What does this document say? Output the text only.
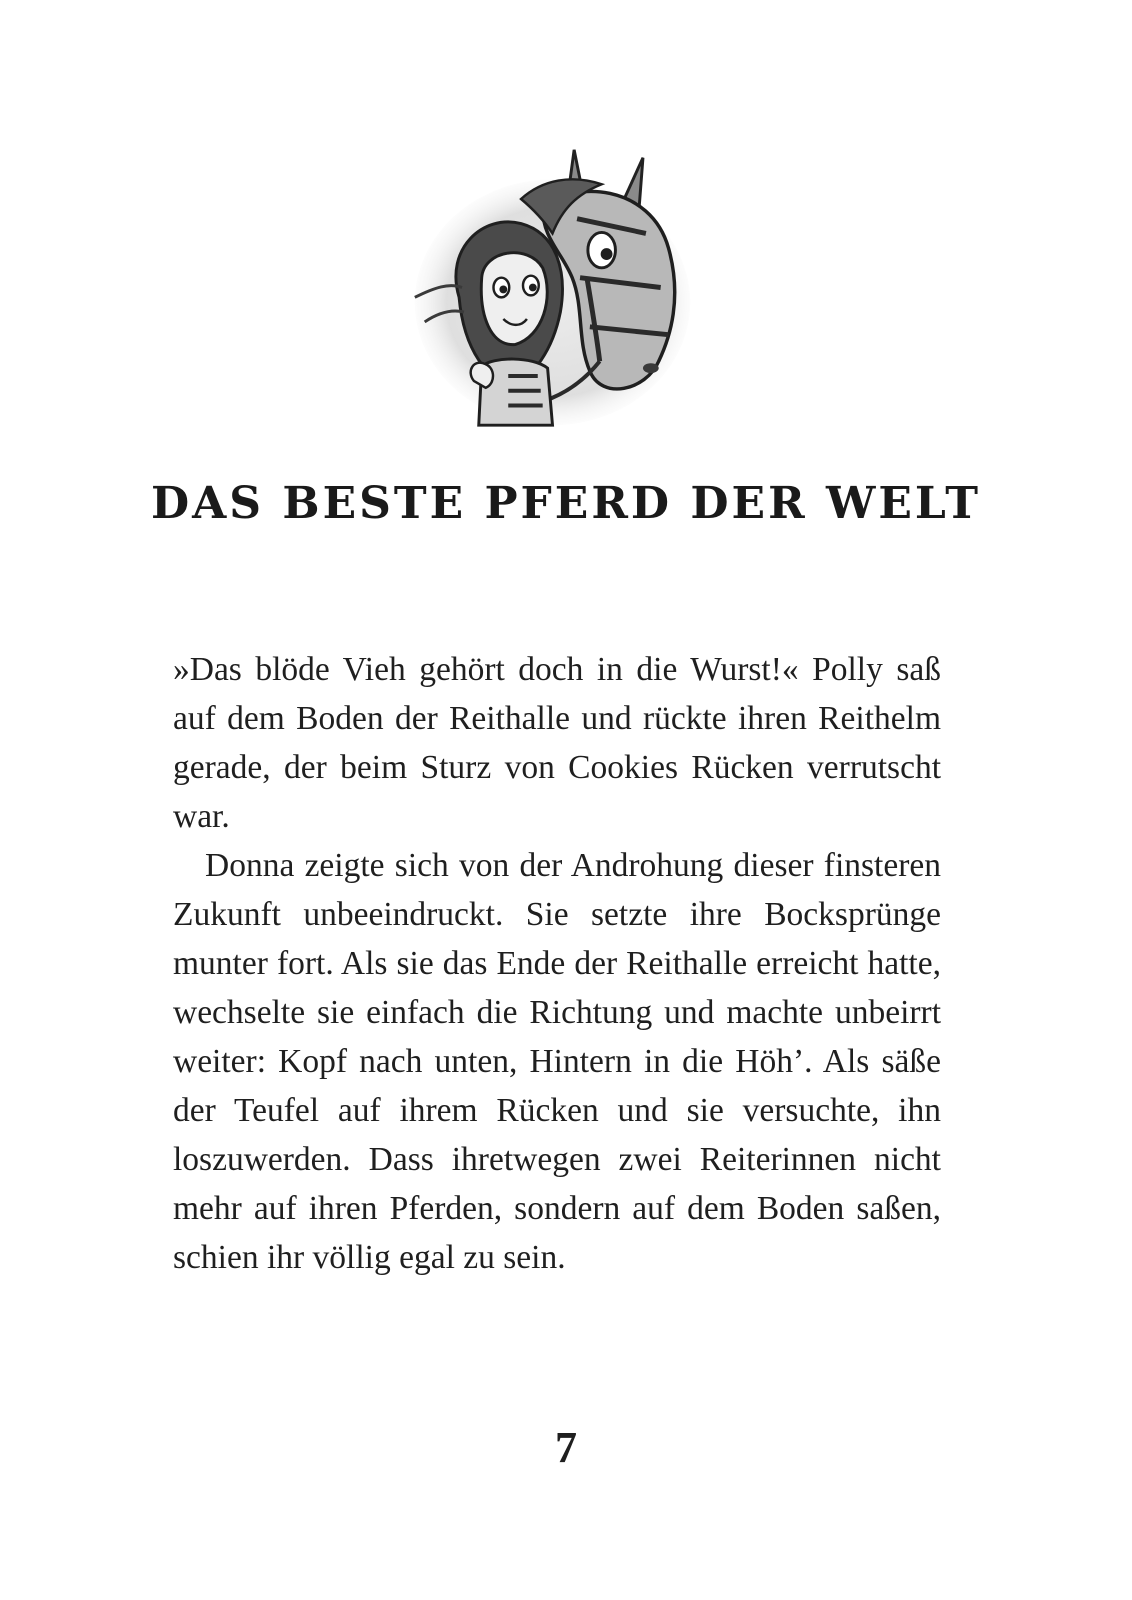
DAS BESTE PFERD DER WELT

»Das blöde Vieh gehört doch in die Wurst!« Polly saß auf dem Boden der Reithalle und rückte ihren Reithelm gerade, der beim Sturz von Cookies Rücken verrutscht war.

Donna zeigte sich von der Androhung dieser finsteren Zukunft unbeeindruckt. Sie setzte ihre Bocksprünge munter fort. Als sie das Ende der Reithalle erreicht hatte, wechselte sie einfach die Richtung und machte unbeirrt weiter: Kopf nach unten, Hintern in die Höh’. Als säße der Teufel auf ihrem Rücken und sie versuchte, ihn loszuwerden. Dass ihretwegen zwei Reiterinnen nicht mehr auf ihren Pferden, sondern auf dem Boden saßen, schien ihr völlig egal zu sein.

7
